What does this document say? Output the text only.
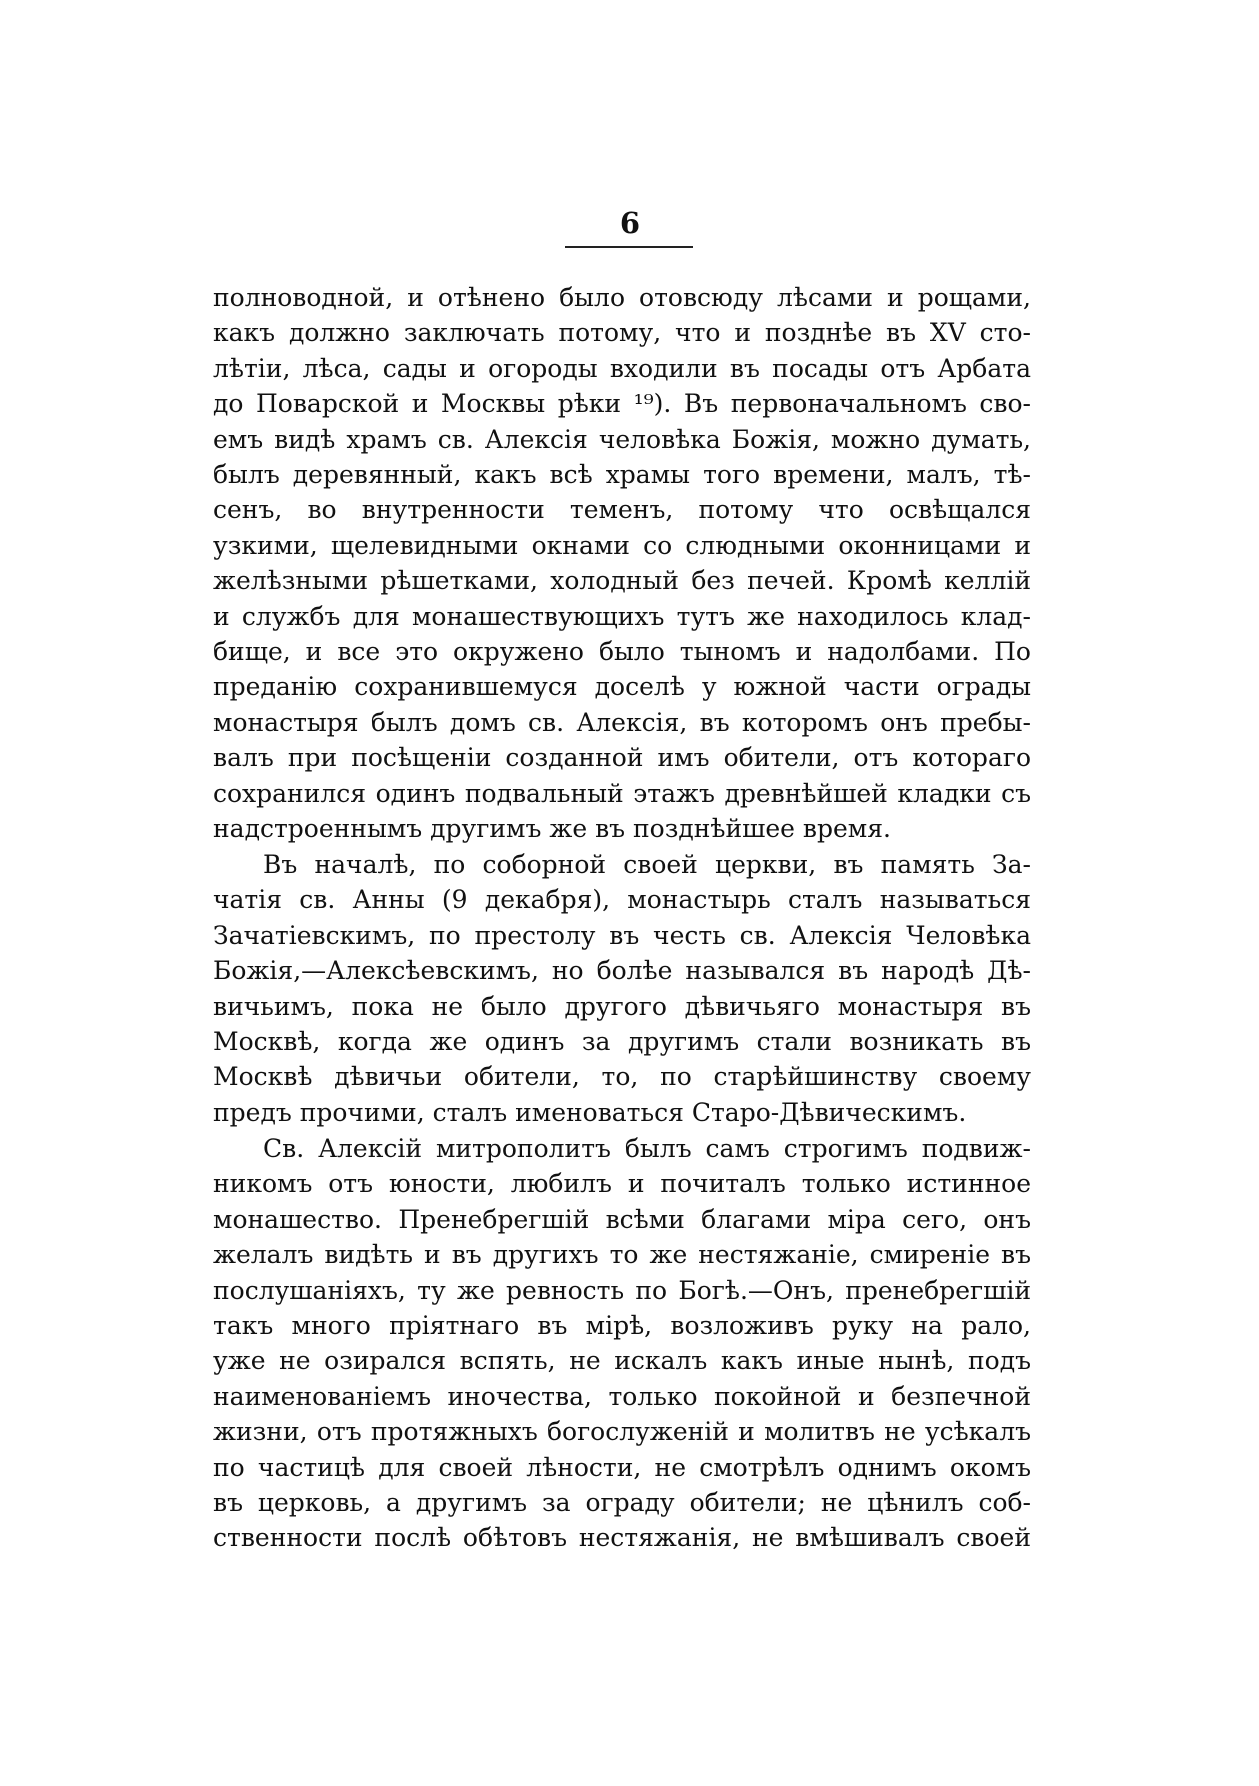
6
полноводной, и отѣнено было отовсюду лѣсами и рощами,
какъ должно заключать потому, что и позднѣе въ XV сто-
лѣтіи, лѣса, сады и огороды входили въ посады отъ Арбата
до Поварской и Москвы рѣки ¹⁹). Въ первоначальномъ сво-
емъ видѣ храмъ св. Алексія человѣка Божія, можно думать,
былъ деревянный, какъ всѣ храмы того времени, малъ, тѣ-
сенъ, во внутренности теменъ, потому что освѣщался
узкими, щелевидными окнами со слюдными оконницами и
желѣзными рѣшетками, холодный без печей. Кромѣ келлій
и службъ для монашествующихъ тутъ же находилось клад-
бище, и все это окружено было тыномъ и надолбами. По
преданію сохранившемуся доселѣ у южной части ограды
монастыря былъ домъ св. Алексія, въ которомъ онъ пребы-
валъ при посѣщеніи созданной имъ обители, отъ котораго
сохранился одинъ подвальный этажъ древнѣйшей кладки съ
надстроеннымъ другимъ же въ позднѣйшее время.
Въ началѣ, по соборной своей церкви, въ память За-
чатія св. Анны (9 декабря), монастырь сталъ называться
Зачатіевскимъ, по престолу въ честь св. Алексія Человѣка
Божія,—Алексѣевскимъ, но болѣе назывался въ народѣ Дѣ-
вичьимъ, пока не было другого дѣвичьяго монастыря въ
Москвѣ, когда же одинъ за другимъ стали возникать въ
Москвѣ дѣвичьи обители, то, по старѣйшинству своему
предъ прочими, сталъ именоваться Старо-Дѣвическимъ.
Св. Алексій митрополитъ былъ самъ строгимъ подвиж-
никомъ отъ юности, любилъ и почиталъ только истинное
монашество. Пренебрегшій всѣми благами міра сего, онъ
желалъ видѣть и въ другихъ то же нестяжаніе, смиреніе въ
послушаніяхъ, ту же ревность по Богѣ.—Онъ, пренебрегшій
такъ много пріятнаго въ мірѣ, возложивъ руку на рало,
уже не озирался вспять, не искалъ какъ иные нынѣ, подъ
наименованіемъ иночества, только покойной и безпечной
жизни, отъ протяжныхъ богослуженій и молитвъ не усѣкалъ
по частицѣ для своей лѣности, не смотрѣлъ однимъ окомъ
въ церковь, а другимъ за ограду обители; не цѣнилъ соб-
ственности послѣ обѣтовъ нестяжанія, не вмѣшивалъ своей
